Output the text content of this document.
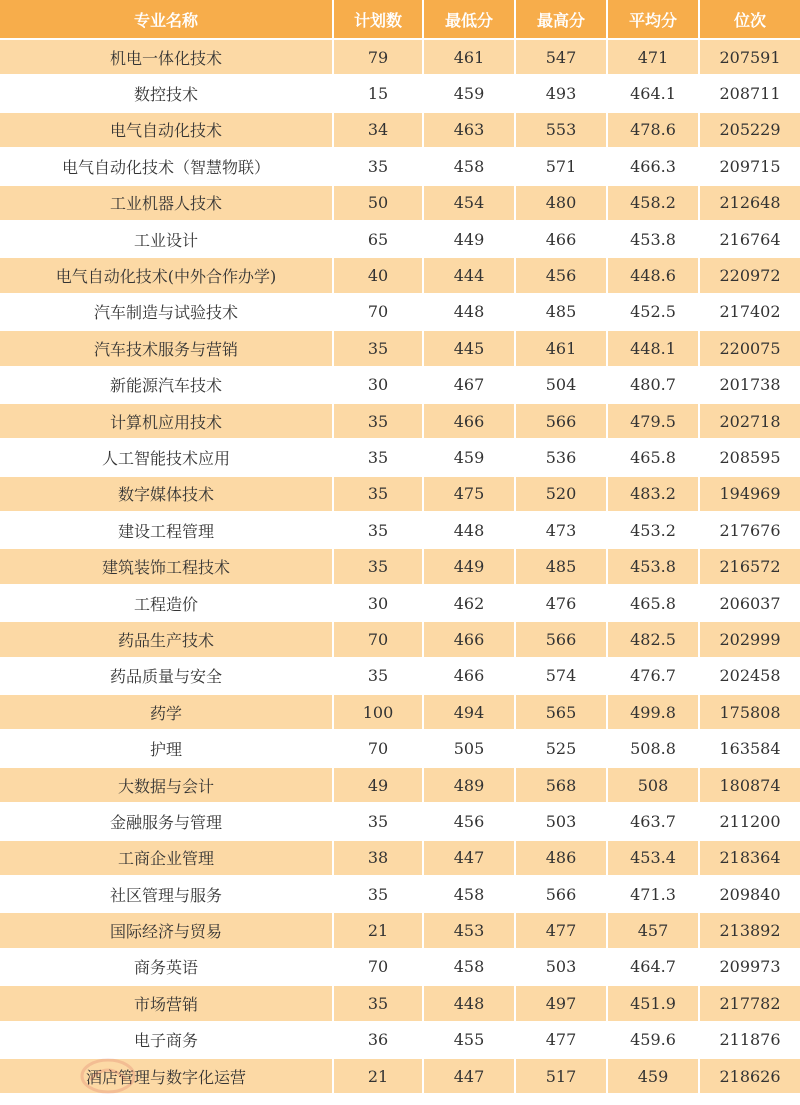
专业名称	计划数	最低分	最高分	平均分	位次
机电一体化技术	79	461	547	471	207591
数控技术	15	459	493	464.1	208711
电气自动化技术	34	463	553	478.6	205229
电气自动化技术（智慧物联）	35	458	571	466.3	209715
工业机器人技术	50	454	480	458.2	212648
工业设计	65	449	466	453.8	216764
电气自动化技术(中外合作办学)	40	444	456	448.6	220972
汽车制造与试验技术	70	448	485	452.5	217402
汽车技术服务与营销	35	445	461	448.1	220075
新能源汽车技术	30	467	504	480.7	201738
计算机应用技术	35	466	566	479.5	202718
人工智能技术应用	35	459	536	465.8	208595
数字媒体技术	35	475	520	483.2	194969
建设工程管理	35	448	473	453.2	217676
建筑装饰工程技术	35	449	485	453.8	216572
工程造价	30	462	476	465.8	206037
药品生产技术	70	466	566	482.5	202999
药品质量与安全	35	466	574	476.7	202458
药学	100	494	565	499.8	175808
护理	70	505	525	508.8	163584
大数据与会计	49	489	568	508	180874
金融服务与管理	35	456	503	463.7	211200
工商企业管理	38	447	486	453.4	218364
社区管理与服务	35	458	566	471.3	209840
国际经济与贸易	21	453	477	457	213892
商务英语	70	458	503	464.7	209973
市场营销	35	448	497	451.9	217782
电子商务	36	455	477	459.6	211876
酒店管理与数字化运营	21	447	517	459	218626
